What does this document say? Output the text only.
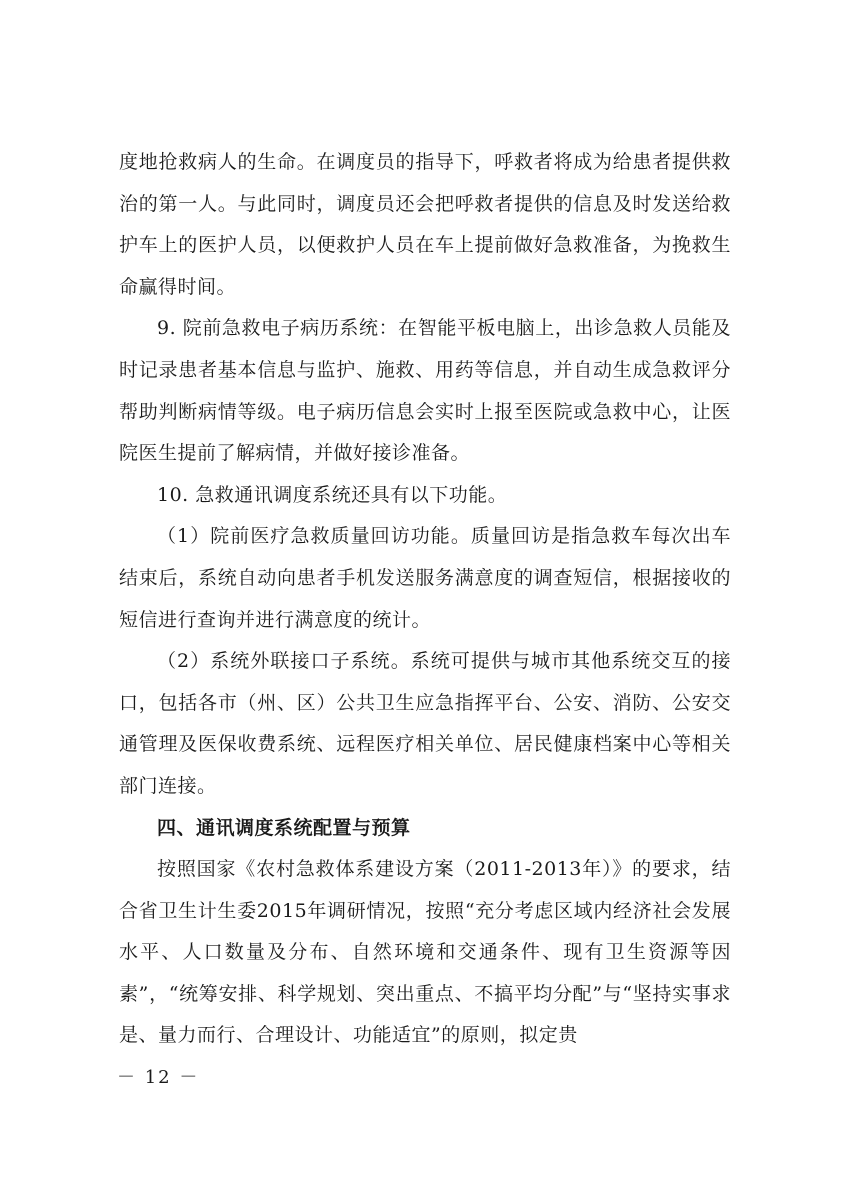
度地抢救病人的生命。在调度员的指导下，呼救者将成为给患者提供救治的第一人。与此同时，调度员还会把呼救者提供的信息及时发送给救护车上的医护人员，以便救护人员在车上提前做好急救准备，为挽救生命赢得时间。

9. 院前急救电子病历系统：在智能平板电脑上，出诊急救人员能及时记录患者基本信息与监护、施救、用药等信息，并自动生成急救评分帮助判断病情等级。电子病历信息会实时上报至医院或急救中心，让医院医生提前了解病情，并做好接诊准备。

10. 急救通讯调度系统还具有以下功能。

（1）院前医疗急救质量回访功能。质量回访是指急救车每次出车结束后，系统自动向患者手机发送服务满意度的调查短信，根据接收的短信进行查询并进行满意度的统计。

（2）系统外联接口子系统。系统可提供与城市其他系统交互的接口，包括各市（州、区）公共卫生应急指挥平台、公安、消防、公安交通管理及医保收费系统、远程医疗相关单位、居民健康档案中心等相关部门连接。

四、通讯调度系统配置与预算

按照国家《农村急救体系建设方案（2011-2013年）》的要求，结合省卫生计生委2015年调研情况，按照“充分考虑区域内经济社会发展水平、人口数量及分布、自然环境和交通条件、现有卫生资源等因素”，“统筹安排、科学规划、突出重点、不搞平均分配”与“坚持实事求是、量力而行、合理设计、功能适宜”的原则，拟定贵

－ 12 －
